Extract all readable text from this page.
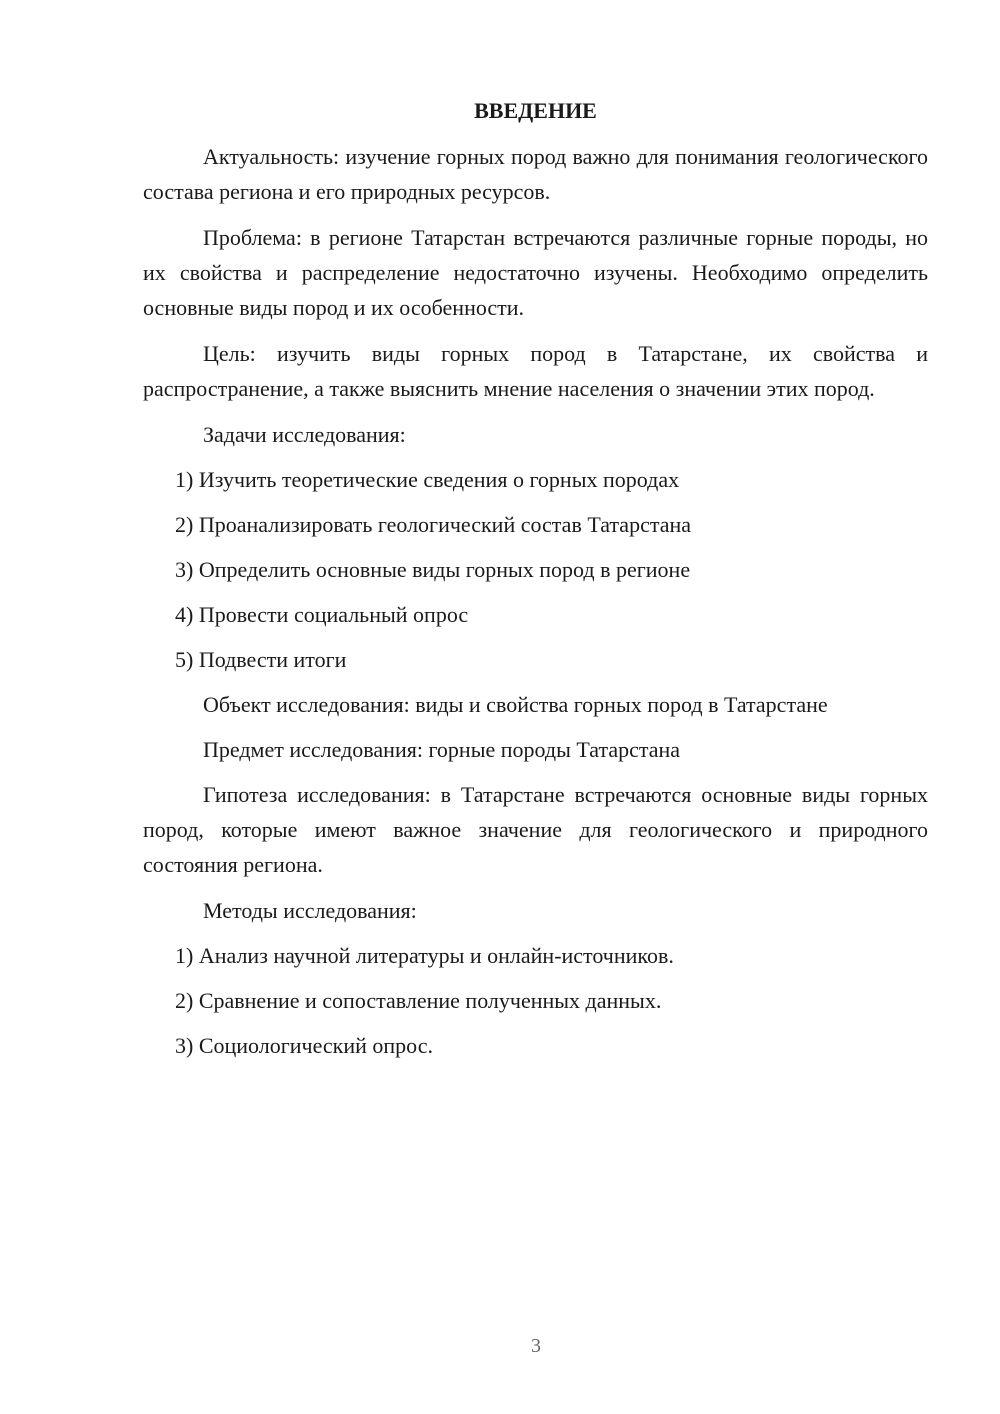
ВВЕДЕНИЕ

Актуальность: изучение горных пород важно для понимания геологического состава региона и его природных ресурсов.

Проблема: в регионе Татарстан встречаются различные горные породы, но их свойства и распределение недостаточно изучены. Необходимо определить основные виды пород и их особенности.

Цель: изучить виды горных пород в Татарстане, их свойства и распространение, а также выяснить мнение населения о значении этих пород.

Задачи исследования:

1) Изучить теоретические сведения о горных породах
2) Проанализировать геологический состав Татарстана
3) Определить основные виды горных пород в регионе
4) Провести социальный опрос
5) Подвести итоги

Объект исследования: виды и свойства горных пород в Татарстане

Предмет исследования: горные породы Татарстана

Гипотеза исследования: в Татарстане встречаются основные виды горных пород, которые имеют важное значение для геологического и природного состояния региона.

Методы исследования:

1) Анализ научной литературы и онлайн-источников.
2) Сравнение и сопоставление полученных данных.
3) Социологический опрос.
3
